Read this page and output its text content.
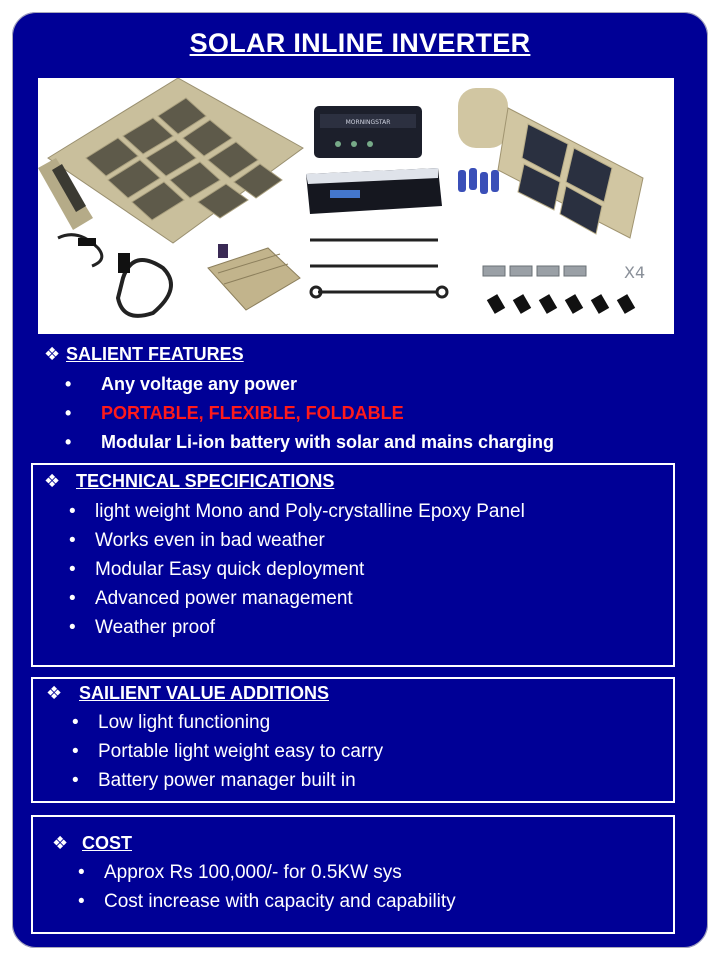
SOLAR INLINE INVERTER
MORNINGSTAR
X4
❖ SALIENT FEATURES
• Any voltage any power
• PORTABLE, FLEXIBLE, FOLDABLE
• Modular Li-ion battery with solar and mains charging
❖ TECHNICAL SPECIFICATIONS
• light weight Mono and Poly-crystalline Epoxy Panel
• Works even in bad weather
• Modular Easy quick deployment
• Advanced power management
• Weather proof
❖ SAILIENT VALUE ADDITIONS
• Low light functioning
• Portable light weight easy to carry
• Battery power manager built in
❖ COST
• Approx Rs 100,000/- for 0.5KW sys
• Cost increase with capacity and capability
